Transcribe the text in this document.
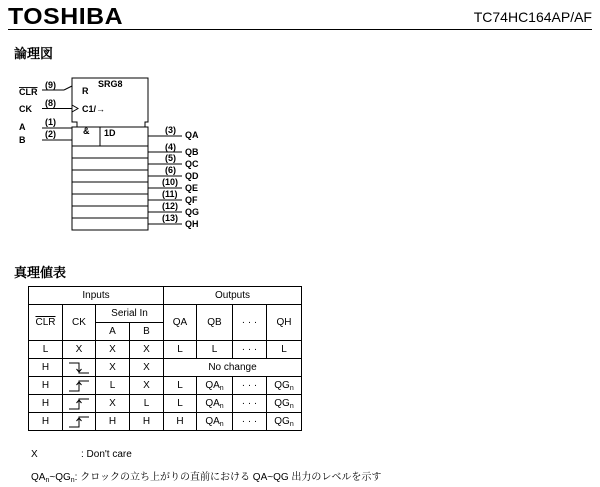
TOSHIBA	TC74HC164AP/AF
論理図
SRG8
R
C1/→
CLR
(9)
CK
(8)
A (1)
B
(2)	& 1D	(3) QA
(4) QB
(5)
QC
(6)
QD
(10)
QE
(11)
QF
(12)
QG
(13)
QH
真理値表
Inputs				Outputs			
$\overline{CLR}$	CK	Serial In		QA	QB	· · ·	QH
		A	B				
L	X	X	X	L	L	· · ·	L
H		X	X	No change			
H		L	X	L	$QA_n$	· · ·	$QG_n$
H		X	L	L	$QA_n$	· · ·	$QG_n$
H		H	H	H	$QA_n$	· · ·	$QG_n$
X	: Don't care
$QA_n\sim QG_n$: クロックの立ち上がりの直前における QA~QG 出力のレベルを示す
